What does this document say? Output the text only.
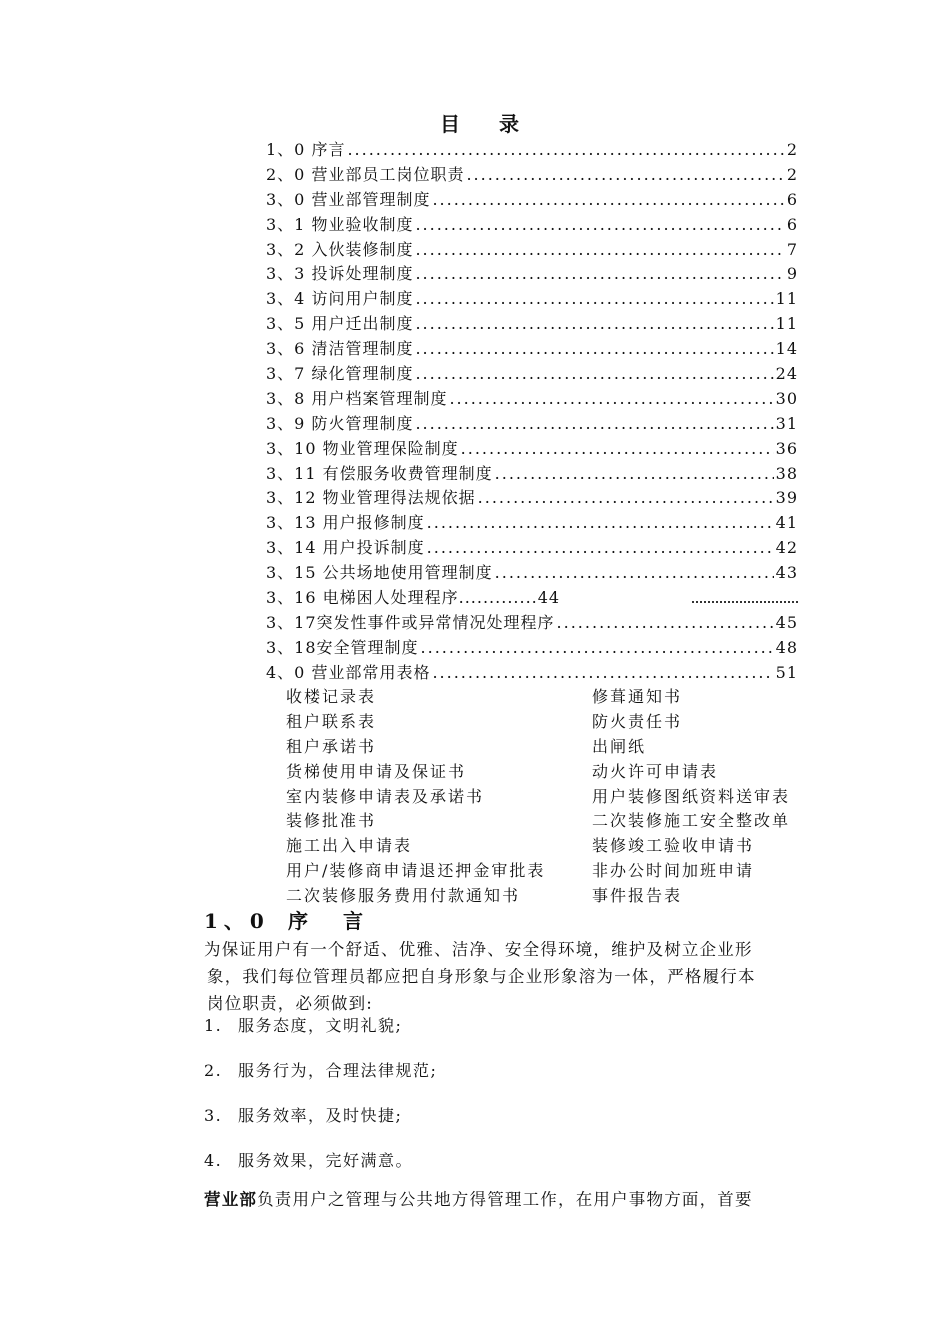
目 录
1、0 序言 .....	2
2、0 营业部员工岗位职责 .....	2
3、0 营业部管理制度 .....	6
3、1 物业验收制度 .....	6
3、2 入伙装修制度 .....	7
3、3 投诉处理制度 .....	9
3、4 访问用户制度 .....	11
3、5 用户迁出制度 .....	11
3、6 清洁管理制度 .....	14
3、7 绿化管理制度 .....	24
3、8 用户档案管理制度 .....	30
3、9 防火管理制度 .....	31
3、10 物业管理保险制度 .....	36
3、11 有偿服务收费管理制度 .....	38
3、12 物业管理得法规依据 .....	39
3、13 用户报修制度 .....	41
3、14 用户投诉制度 .....	42
3、15 公共场地使用管理制度 .....	43
3、16 电梯困人处理程序............. 44
3、17突发性事件或异常情况处理程序 .....	45
3、18安全管理制度 .....	48
4、0 营业部常用表格 .....	51
收楼记录表	修葺通知书
租户联系表	防火责任书
租户承诺书	出闸纸
货梯使用申请及保证书	动火许可申请表
室内装修申请表及承诺书	用户装修图纸资料送审表
装修批准书	二次装修施工安全整改单
施工出入申请表	装修竣工验收申请书
用户/装修商申请退还押金审批表	非办公时间加班申请
二次装修服务费用付款通知书	事件报告表
1、0 序 言

为保证用户有一个舒适、优雅、洁净、安全得环境，维护及树立企业形

象，我们每位管理员都应把自身形象与企业形象溶为一体，严格履行本

岗位职责，必须做到:

1. 服务态度，文明礼貌;
2. 服务行为，合理法律规范;
3. 服务效率，及时快捷;
4. 服务效果，完好满意。
营业部负责用户之管理与公共地方得管理工作，在用户事物方面，首要
